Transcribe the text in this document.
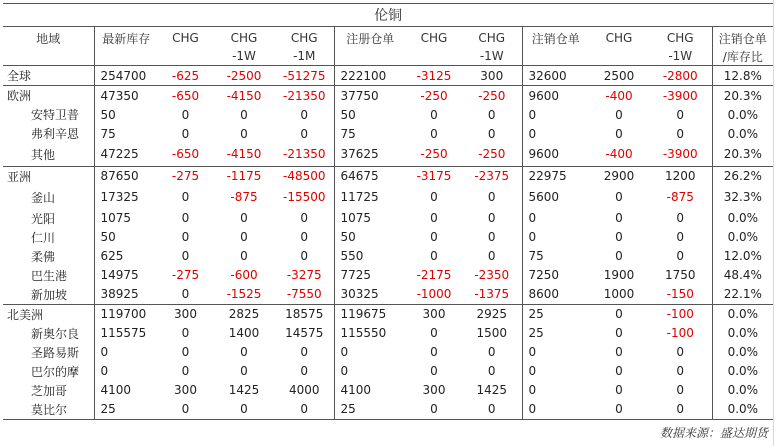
伦铜											
地域	最新库存	CHG	CHG	CHG	注册仓单	CHG	CHG	注销仓单	CHG	CHG	注销仓单
			-1W	-1M			-1W			-1W	/库存比
全球	254700	-625	-2500	-51275	222100	-3125	300	32600	2500	-2800	12.8%
欧洲	47350	-650	-4150	-21350	37750	-250	-250	9600	-400	-3900	20.3%
安特卫普	50	0	0	0	50	0	0	0	0	0	0.0%
弗利辛恩	75	0	0	0	75	0	0	0	0	0	0.0%
其他	47225	-650	-4150	-21350	37625	-250	-250	9600	-400	-3900	20.3%
亚洲	87650	-275	-1175	-48500	64675	-3175	-2375	22975	2900	1200	26.2%
釜山	17325	0	-875	-15500	11725	0	0	5600	0	-875	32.3%
光阳	1075	0	0	0	1075	0	0	0	0	0	0.0%
仁川	50	0	0	0	50	0	0	0	0	0	0.0%
柔佛	625	0	0	0	550	0	0	75	0	0	12.0%
巴生港	14975	-275	-600	-3275	7725	-2175	-2350	7250	1900	1750	48.4%
新加坡	38925	0	-1525	-7550	30325	-1000	-1375	8600	1000	-150	22.1%
北美洲	119700	300	2825	18575	119675	300	2925	25	0	-100	0.0%
新奥尔良	115575	0	1400	14575	115550	0	1500	25	0	-100	0.0%
圣路易斯	0	0	0	0	0	0	0	0	0	0	0.0%
巴尔的摩	0	0	0	0	0	0	0	0	0	0	0.0%
芝加哥	4100	300	1425	4000	4100	300	1425	0	0	0	0.0%
莫比尔	25	0	0	0	25	0	0	0	0	0	0.0%
数据来源：盛达期货
